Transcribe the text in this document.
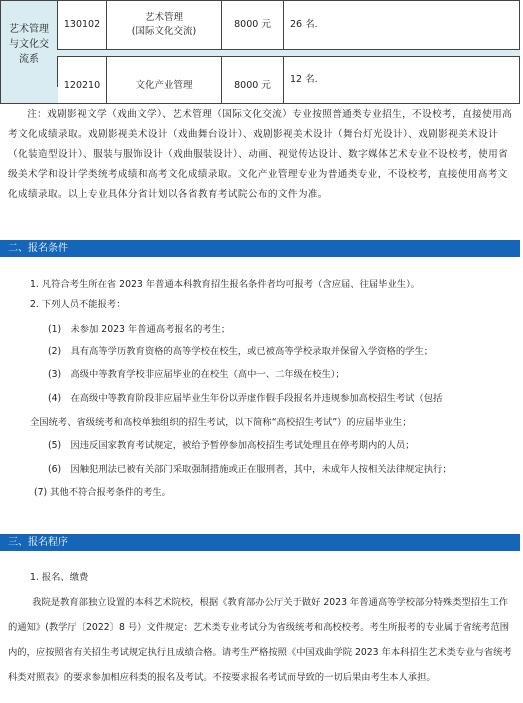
艺术管理与文化交流系
130102
艺术管理
(国际文化交流)
8000 元 26 名.
120210	文化产业管理	8000 元
12 名.
注：戏剧影视文学（戏曲文学）、艺术管理（国际文化交流）专业按照普通类专业招生，不设校考，直接使用高考文化成绩录取。戏剧影视美术设计（戏曲舞台设计）、戏剧影视美术设计（舞台灯光设计）、戏剧影视美术设计（化装造型设计）、服装与服饰设计（戏曲服装设计）、动画、视觉传达设计、数字媒体艺术专业不设校考，使用省级美术学和设计学类统考成绩和高考文化成绩录取。文化产业管理专业为普通类专业，不设校考，直接使用高考文化成绩录取。以上专业具体分省计划以各省教育考试院公布的文件为准。
二、报名条件
1. 凡符合考生所在省 2023 年普通本科教育招生报名条件者均可报考（含应届、往届毕业生）。
2. 下列人员不能报考：
(1)　未参加 2023 年普通高考报名的考生；
(2)　具有高等学历教育资格的高等学校在校生，或已被高等学校录取并保留入学资格的学生；
(3)　高级中等教育学校非应届毕业的在校生（高中一、二年级在校生）；
(4)　在高级中等教育阶段非应届毕业生年份以弄虚作假手段报名并违规参加高校招生考试（包括
全国统考、省级统考和高校单独组织的招生考试，以下简称“高校招生考试”）的应届毕业生；
(5)　因违反国家教育考试规定，被给予暂停参加高校招生考试处理且在停考期内的人员；
(6)　因触犯刑法已被有关部门采取强制措施或正在服刑者，其中，未成年人按相关法律规定执行；
(7) 其他不符合报考条件的考生。
三、报名程序
1. 报名、缴费
我院是教育部独立设置的本科艺术院校，根据《教育部办公厅关于做好 2023 年普通高等学校部分特殊类型招生工作的通知》(教学厅〔2022〕8 号）文件规定：艺术类专业考试分为省级统考和高校校考。考生所报考的专业属于省统考范围内的，应按照省有关招生考试规定执行且成绩合格。请考生严格按照《中国戏曲学院 2023 年本科招生艺术类专业与省统考科类对照表》的要求参加相应科类的报名及考试。不按要求报名考试而导致的一切后果由考生本人承担。
